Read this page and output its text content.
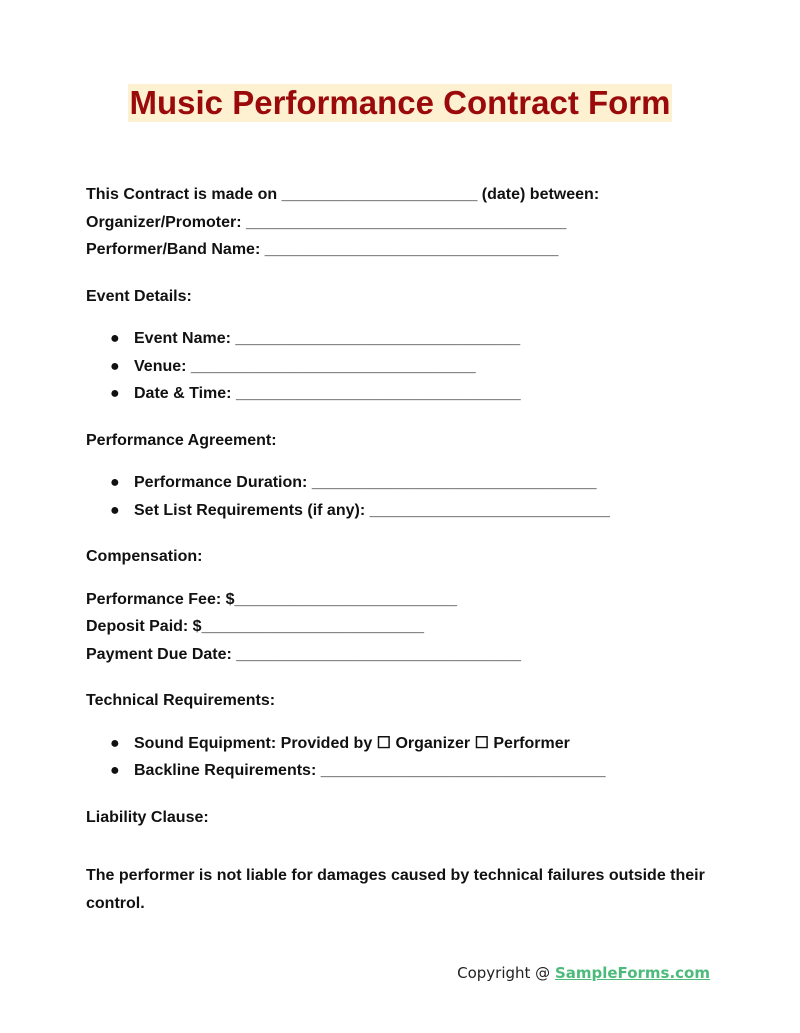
Music Performance Contract Form

This Contract is made on ______________________ (date) between:

Organizer/Promoter: ____________________________________

Performer/Band Name: _________________________________

Event Details:

● Event Name: ________________________________
● Venue: ________________________________
● Date & Time: ________________________________

Performance Agreement:

● Performance Duration: ________________________________
● Set List Requirements (if any): ___________________________

Compensation:

Performance Fee: $_________________________

Deposit Paid: $_________________________

Payment Due Date: ________________________________

Technical Requirements:

● Sound Equipment: Provided by ☐ Organizer ☐ Performer
● Backline Requirements: ________________________________

Liability Clause:

The performer is not liable for damages caused by technical failures outside their control.

Copyright @ SampleForms.com
